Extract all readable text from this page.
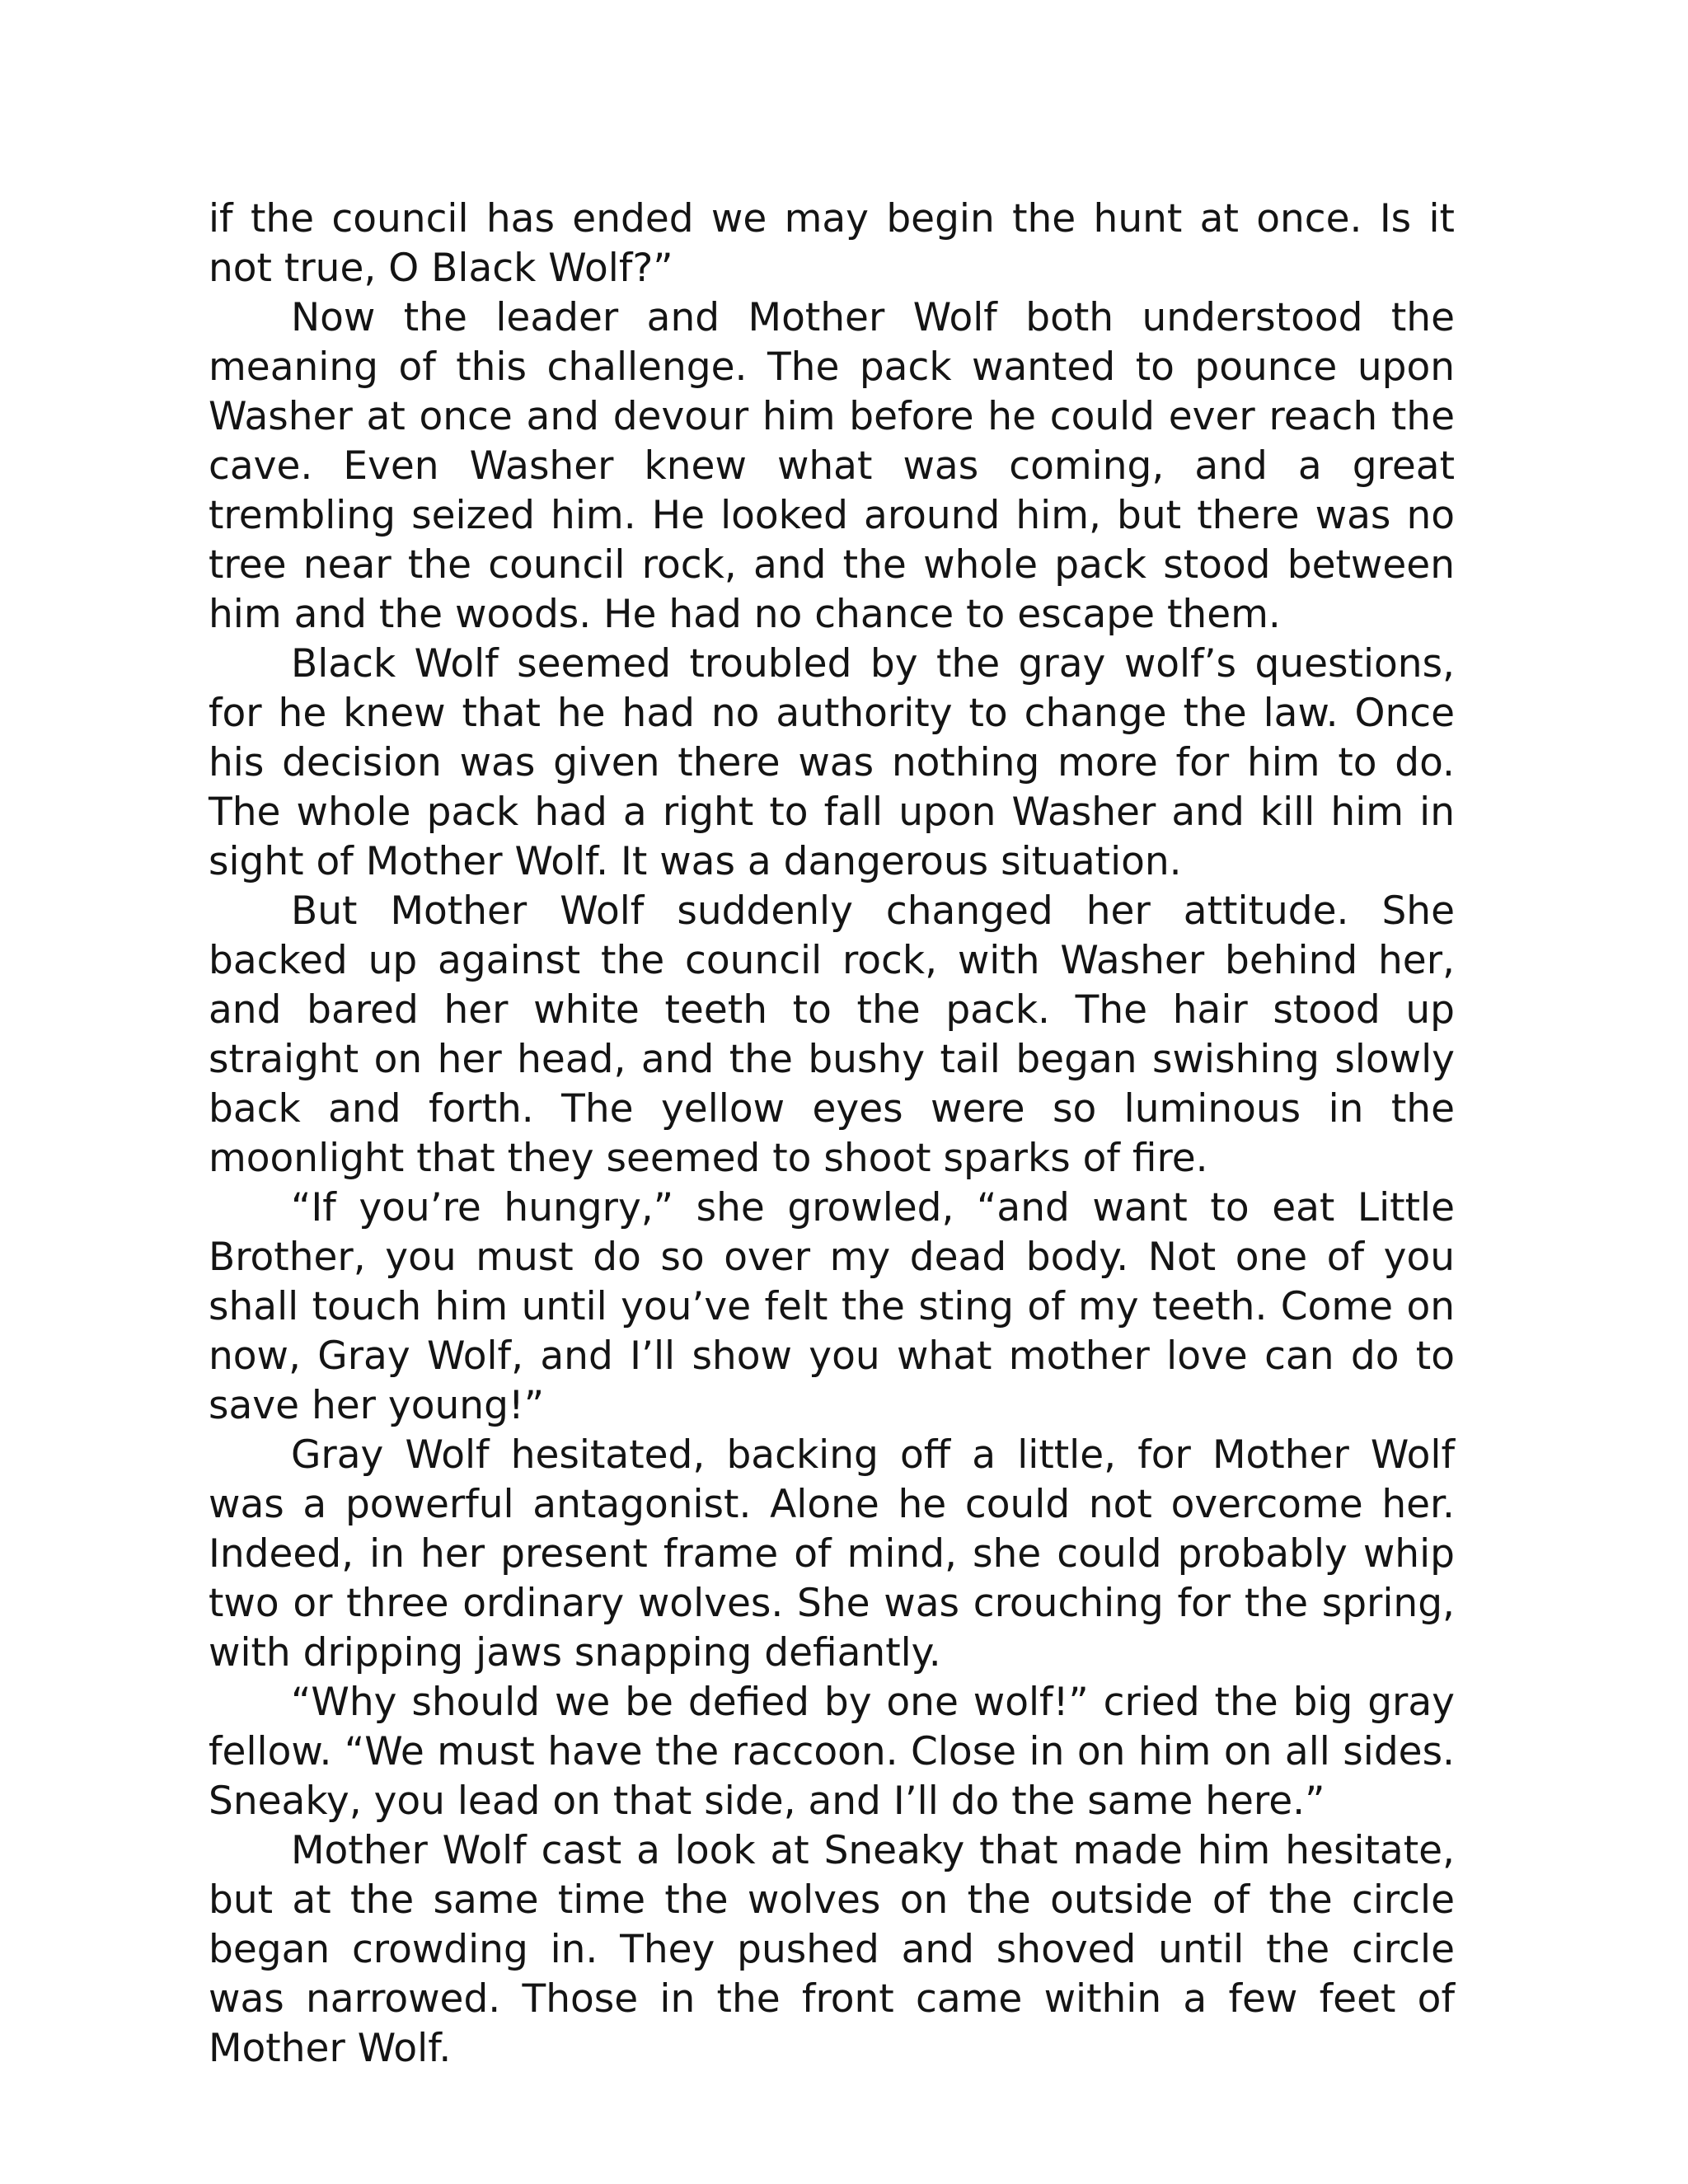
if the council has ended we may begin the hunt at once. Is it not true, O Black Wolf?”

Now the leader and Mother Wolf both understood the meaning of this challenge. The pack wanted to pounce upon Washer at once and devour him before he could ever reach the cave. Even Washer knew what was coming, and a great trembling seized him. He looked around him, but there was no tree near the council rock, and the whole pack stood between him and the woods. He had no chance to escape them.

Black Wolf seemed troubled by the gray wolf’s questions, for he knew that he had no authority to change the law. Once his decision was given there was nothing more for him to do. The whole pack had a right to fall upon Washer and kill him in sight of Mother Wolf. It was a dangerous situation.

But Mother Wolf suddenly changed her attitude. She backed up against the council rock, with Washer behind her, and bared her white teeth to the pack. The hair stood up straight on her head, and the bushy tail began swishing slowly back and forth. The yellow eyes were so luminous in the moonlight that they seemed to shoot sparks of fire.

“If you’re hungry,” she growled, “and want to eat Little Brother, you must do so over my dead body. Not one of you shall touch him until you’ve felt the sting of my teeth. Come on now, Gray Wolf, and I’ll show you what mother love can do to save her young!”

Gray Wolf hesitated, backing off a little, for Mother Wolf was a powerful antagonist. Alone he could not overcome her. Indeed, in her present frame of mind, she could probably whip two or three ordinary wolves. She was crouching for the spring, with dripping jaws snapping defiantly.

“Why should we be defied by one wolf!” cried the big gray fellow. “We must have the raccoon. Close in on him on all sides. Sneaky, you lead on that side, and I’ll do the same here.”

Mother Wolf cast a look at Sneaky that made him hesitate, but at the same time the wolves on the outside of the circle began crowding in. They pushed and shoved until the circle was narrowed. Those in the front came within a few feet of Mother Wolf.
